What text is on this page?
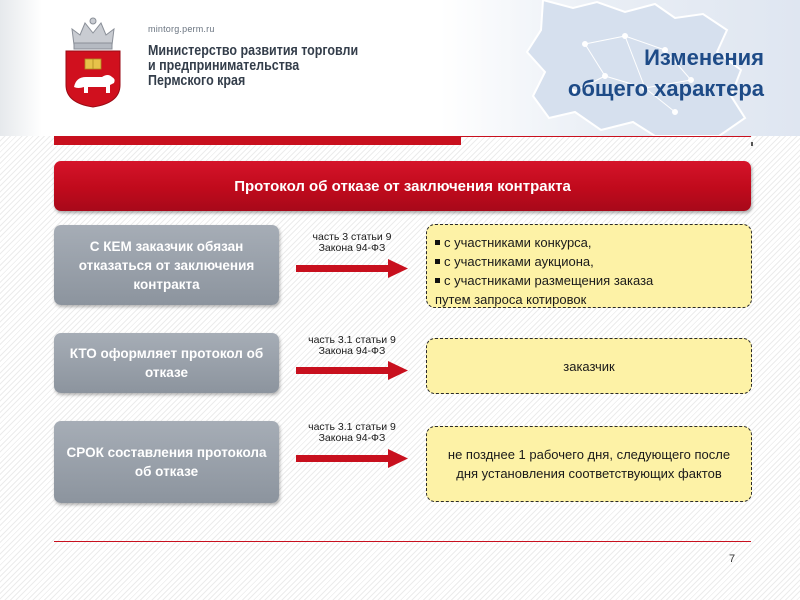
mintorg.perm.ru
Министерство развития торговли
и предпринимательства
Пермского края
Изменения
общего характера
Протокол об отказе от заключения контракта
С КЕМ заказчик обязан отказаться от заключения контракта
часть 3 статьи 9
Закона 94-ФЗ	с участниками конкурса,
с участниками аукциона,
с участниками размещения заказа
путем запроса котировок
КТО оформляет протокол об отказе
часть 3.1 статьи 9
Закона 94-ФЗ
заказчик
СРОК составления протокола об отказе
часть 3.1 статьи 9
Закона 94-ФЗ
не позднее 1 рабочего дня, следующего после дня установления соответствующих фактов
7
